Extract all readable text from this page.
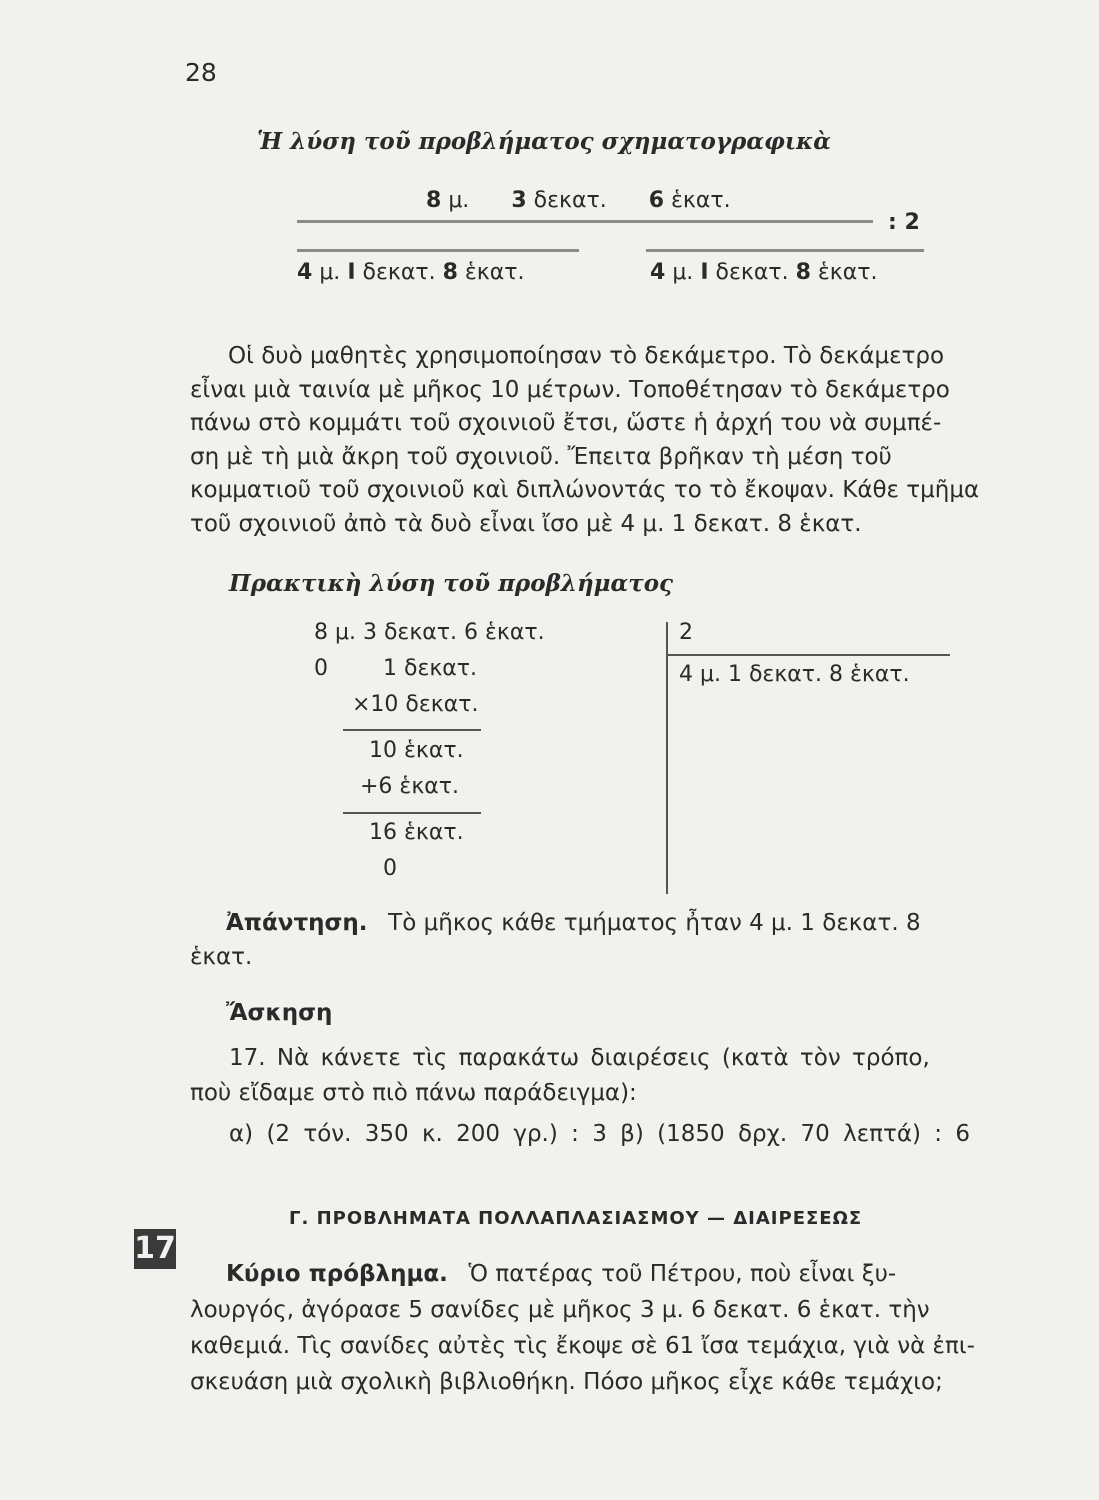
28
Ἡ λύση τοῦ προβλήματος σχηματογραφικὰ
8 μ. 3 δεκατ. 6 ἑκατ.
: 2
4 μ. Ι δεκατ. 8 ἑκατ.	4 μ. Ι δεκατ. 8 ἑκατ.
Οἱ δυὸ μαθητὲς χρησιμοποίησαν τὸ δεκάμετρο. Τὸ δεκάμετρο
εἶναι μιὰ ταινία μὲ μῆκος 10 μέτρων. Τοποθέτησαν τὸ δεκάμετρο
πάνω στὸ κομμάτι τοῦ σχοινιοῦ ἔτσι, ὥστε ἡ ἀρχή του νὰ συμπέ-
ση μὲ τὴ μιὰ ἄκρη τοῦ σχοινιοῦ. Ἔπειτα βρῆκαν τὴ μέση τοῦ
κομματιοῦ τοῦ σχοινιοῦ καὶ διπλώνοντάς το τὸ ἔκοψαν. Κάθε τμῆμα
τοῦ σχοινιοῦ ἀπὸ τὰ δυὸ εἶναι ἴσο μὲ 4 μ. 1 δεκατ. 8 ἑκατ.
Πρακτικὴ λύση τοῦ προβλήματος
8 μ. 3 δεκατ. 6 ἑκατ.
0	1 δεκατ.
×10 δεκατ.
10 ἑκατ.
+6 ἑκατ.
16 ἑκατ.
0
2
4 μ. 1 δεκατ. 8 ἑκατ.
Ἀπάντηση. Τὸ μῆκος κάθε τμήματος ἦταν 4 μ. 1 δεκατ. 8
ἑκατ.
Ἄσκηση
17. Νὰ κάνετε τὶς παρακάτω διαιρέσεις (κατὰ τὸν τρόπο,
ποὺ εἴδαμε στὸ πιὸ πάνω παράδειγμα):
α) (2 τόν. 350 κ. 200 γρ.) : 3 β) (1850 δρχ. 70 λεπτά) : 6
Γ. ΠΡΟΒΛΗΜΑΤΑ ΠΟΛΛΑΠΛΑΣΙΑΣΜΟΥ — ΔΙΑΙΡΕΣΕΩΣ
17
Κύριο πρόβλημα. Ὁ πατέρας τοῦ Πέτρου, ποὺ εἶναι ξυ-
λουργός, ἀγόρασε 5 σανίδες μὲ μῆκος 3 μ. 6 δεκατ. 6 ἑκατ. τὴν
καθεμιά. Τὶς σανίδες αὐτὲς τὶς ἔκοψε σὲ 61 ἴσα τεμάχια, γιὰ νὰ ἐπι-
σκευάση μιὰ σχολικὴ βιβλιοθήκη. Πόσο μῆκος εἶχε κάθε τεμάχιο;
